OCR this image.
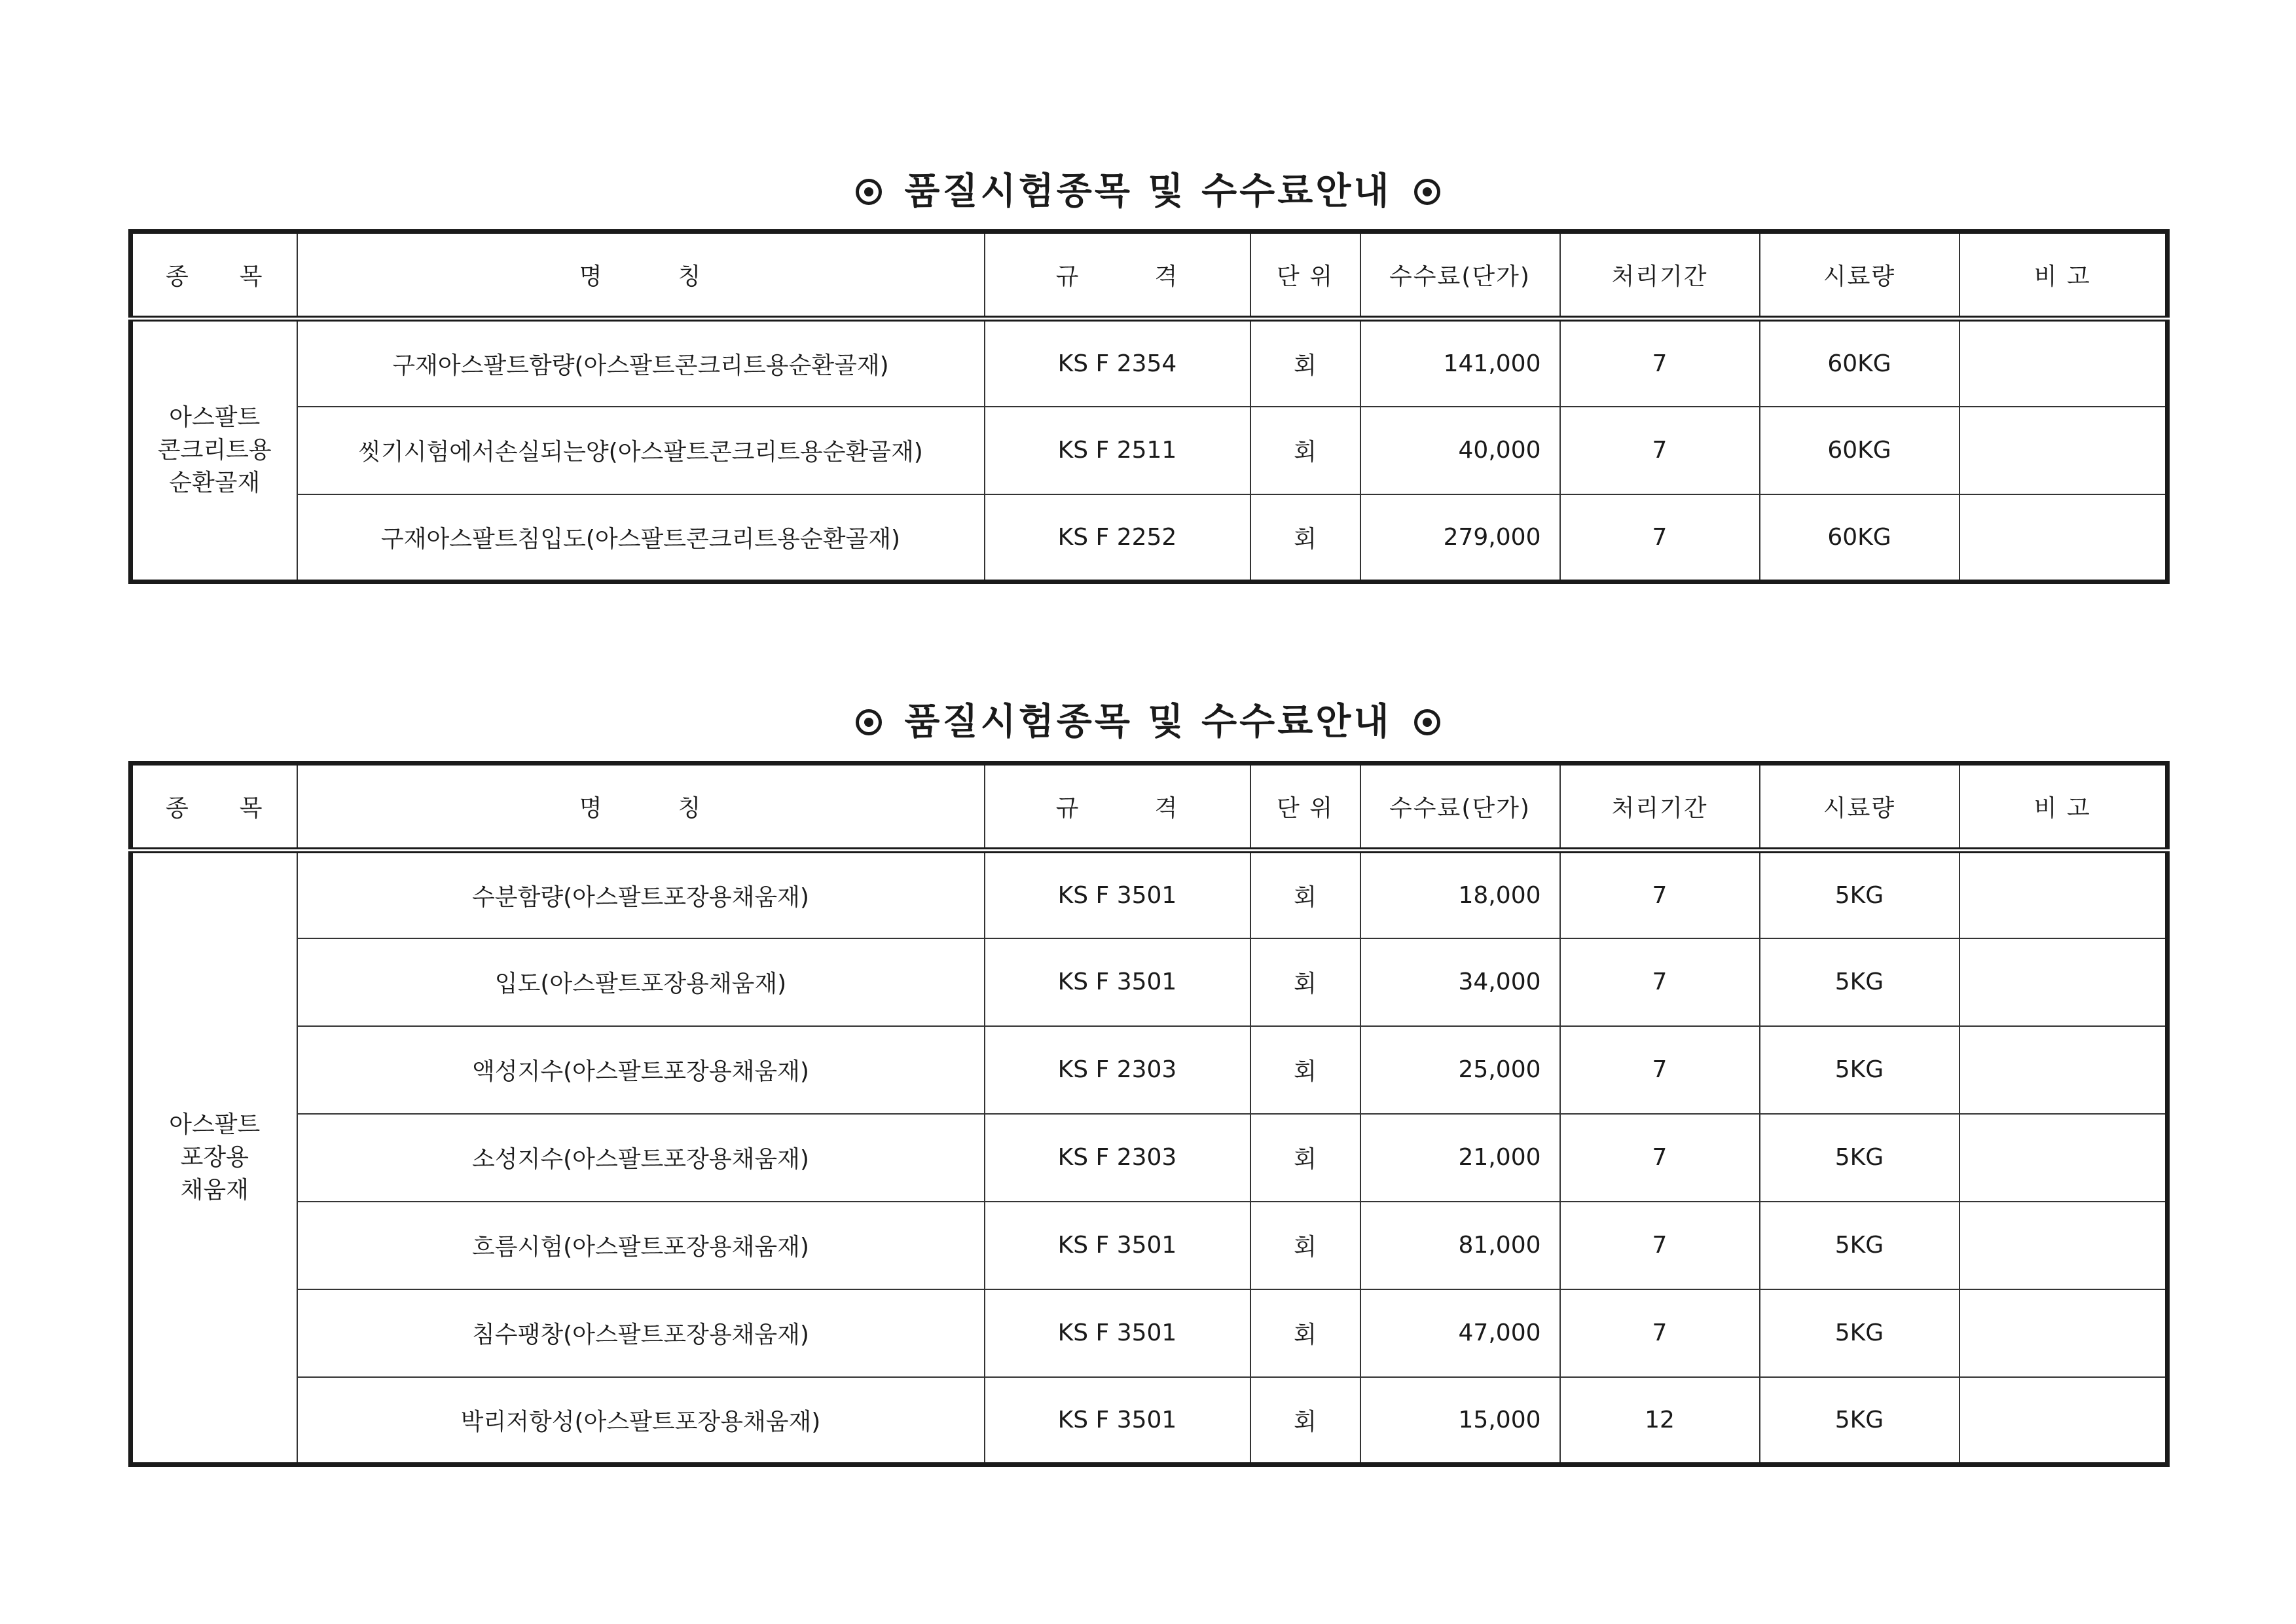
품질시험종목 및 수수료안내
종　　목	명　　　칭	규　　　격	단 위	수수료(단가)	처리기간	시료량	비 고

아스팔트
콘크리트용
순환골재	구재아스팔트함량(아스팔트콘크리트용순환골재)	KS F 2354	회	141,000	7	60KG	
	씻기시험에서손실되는양(아스팔트콘크리트용순환골재)	KS F 2511	회	40,000	7	60KG	
	구재아스팔트침입도(아스팔트콘크리트용순환골재)	KS F 2252	회	279,000	7	60KG	
품질시험종목 및 수수료안내
종　　목	명　　　칭	규　　　격	단 위	수수료(단가)	처리기간	시료량	비 고

아스팔트
포장용
채움재	수분함량(아스팔트포장용채움재)	KS F 3501	회	18,000	7	5KG	
	입도(아스팔트포장용채움재)	KS F 3501	회	34,000	7	5KG	
	액성지수(아스팔트포장용채움재)	KS F 2303	회	25,000	7	5KG	
	소성지수(아스팔트포장용채움재)	KS F 2303	회	21,000	7	5KG	
	흐름시험(아스팔트포장용채움재)	KS F 3501	회	81,000	7	5KG	
	침수팽창(아스팔트포장용채움재)	KS F 3501	회	47,000	7	5KG	
	박리저항성(아스팔트포장용채움재)	KS F 3501	회	15,000	12	5KG	
